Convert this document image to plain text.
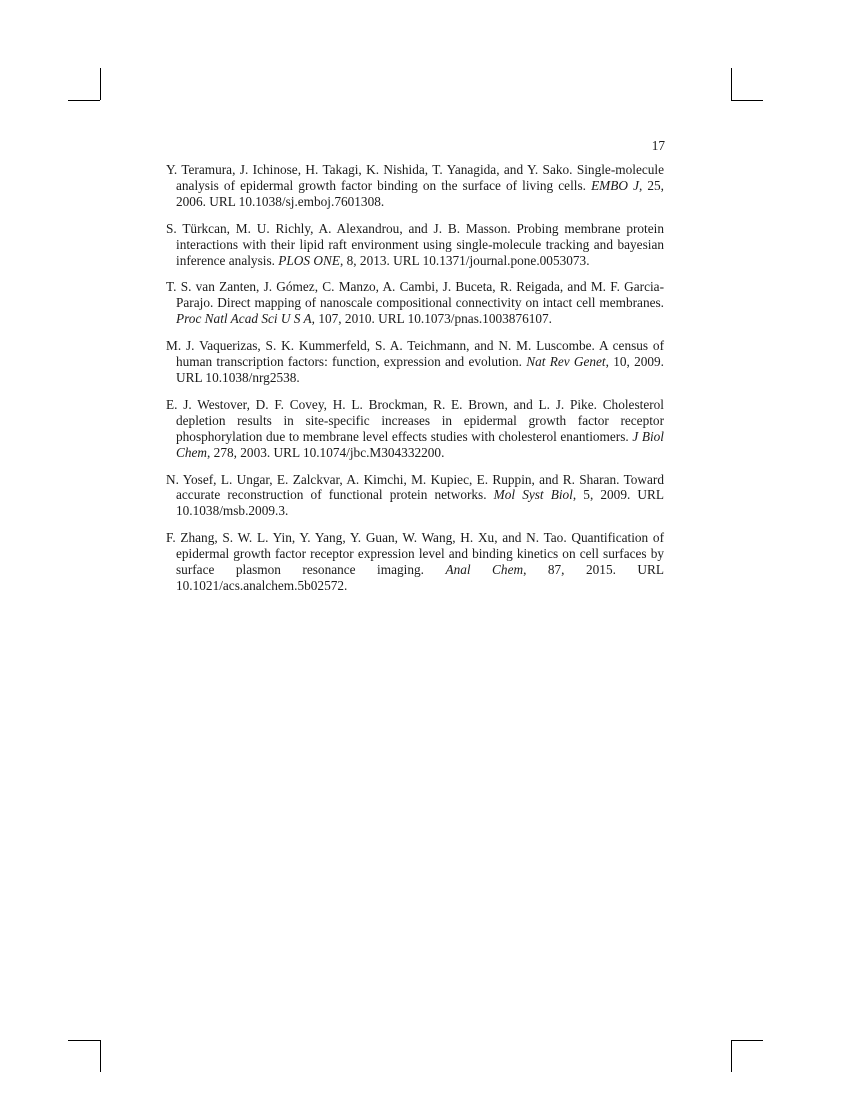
17
Y. Teramura, J. Ichinose, H. Takagi, K. Nishida, T. Yanagida, and Y. Sako. Single-molecule analysis of epidermal growth factor binding on the surface of living cells. EMBO J, 25, 2006. URL 10.1038/sj.emboj.7601308.
S. Türkcan, M. U. Richly, A. Alexandrou, and J. B. Masson. Probing membrane protein interactions with their lipid raft environment using single-molecule tracking and bayesian inference analysis. PLOS ONE, 8, 2013. URL 10.1371/journal.pone.0053073.
T. S. van Zanten, J. Gómez, C. Manzo, A. Cambi, J. Buceta, R. Reigada, and M. F. Garcia-Parajo. Direct mapping of nanoscale compositional connectivity on intact cell membranes. Proc Natl Acad Sci U S A, 107, 2010. URL 10.1073/pnas.1003876107.
M. J. Vaquerizas, S. K. Kummerfeld, S. A. Teichmann, and N. M. Luscombe. A census of human transcription factors: function, expression and evolution. Nat Rev Genet, 10, 2009. URL 10.1038/nrg2538.
E. J. Westover, D. F. Covey, H. L. Brockman, R. E. Brown, and L. J. Pike. Cholesterol depletion results in site-specific increases in epidermal growth factor receptor phosphorylation due to membrane level effects studies with cholesterol enantiomers. J Biol Chem, 278, 2003. URL 10.1074/jbc.M304332200.
N. Yosef, L. Ungar, E. Zalckvar, A. Kimchi, M. Kupiec, E. Ruppin, and R. Sharan. Toward accurate reconstruction of functional protein networks. Mol Syst Biol, 5, 2009. URL 10.1038/msb.2009.3.
F. Zhang, S. W. L. Yin, Y. Yang, Y. Guan, W. Wang, H. Xu, and N. Tao. Quantification of epidermal growth factor receptor expression level and binding kinetics on cell surfaces by surface plasmon resonance imaging. Anal Chem, 87, 2015. URL 10.1021/acs.analchem.5b02572.
